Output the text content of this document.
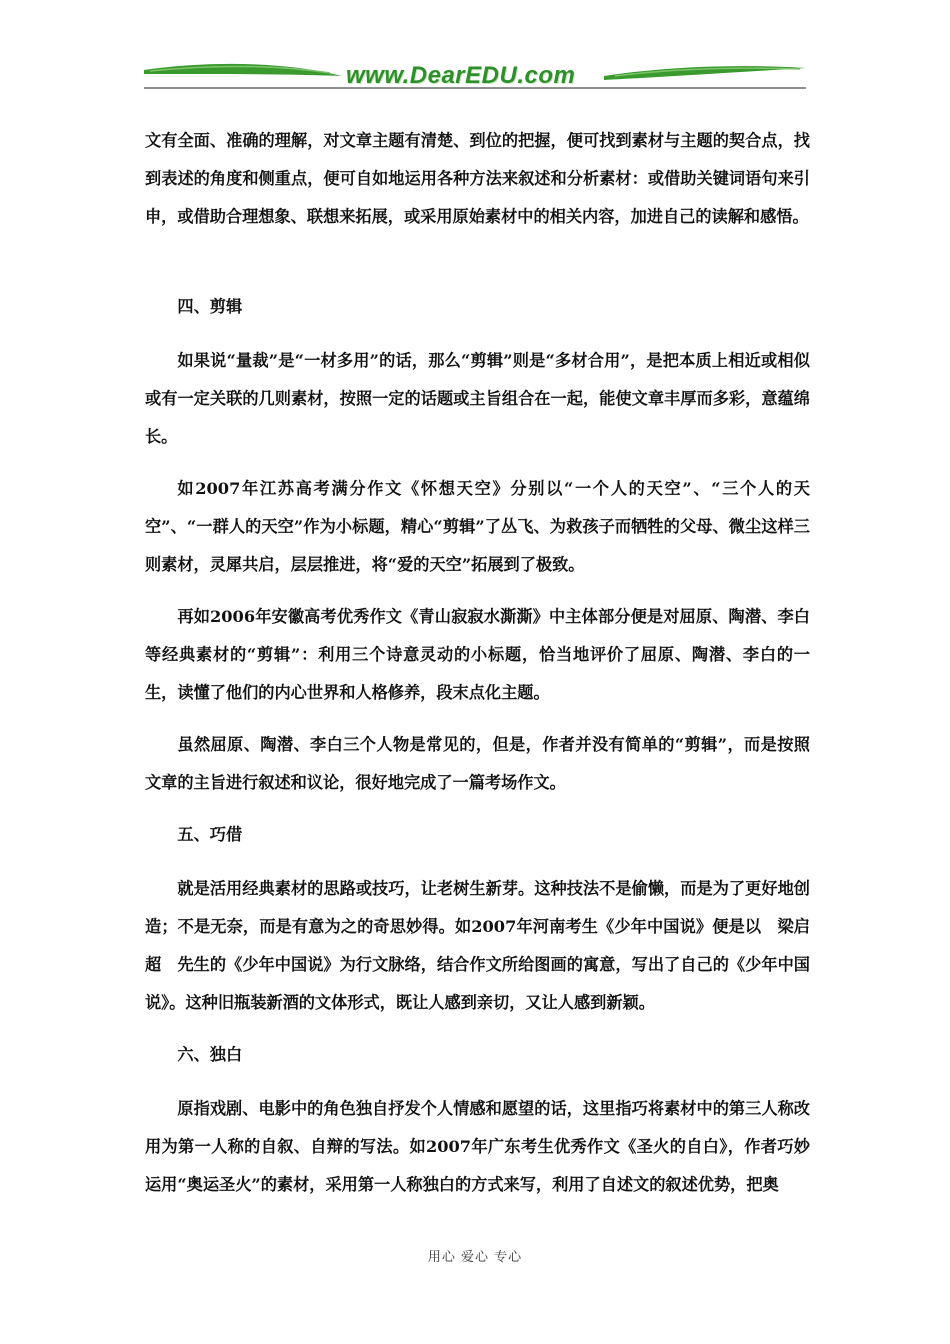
www.DearEDU.com

文有全面、准确的理解，对文章主题有清楚、到位的把握，便可找到素材与主题的契合点，找到表述的角度和侧重点，便可自如地运用各种方法来叙述和分析素材：或借助关键词语句来引申，或借助合理想象、联想来拓展，或采用原始素材中的相关内容，加进自己的读解和感悟。

四、剪辑

如果说“量裁”是“一材多用”的话，那么“剪辑”则是“多材合用”，是把本质上相近或相似或有一定关联的几则素材，按照一定的话题或主旨组合在一起，能使文章丰厚而多彩，意蕴绵长。

如2007年江苏高考满分作文《怀想天空》分别以“一个人的天空”、“三个人的天空”、“一群人的天空”作为小标题，精心“剪辑”了丛飞、为救孩子而牺牲的父母、微尘这样三则素材，灵犀共启，层层推进，将“爱的天空”拓展到了极致。

再如2006年安徽高考优秀作文《青山寂寂水澌澌》中主体部分便是对屈原、陶潜、李白等经典素材的“剪辑”：利用三个诗意灵动的小标题，恰当地评价了屈原、陶潜、李白的一生，读懂了他们的内心世界和人格修养，段末点化主题。

虽然屈原、陶潜、李白三个人物是常见的，但是，作者并没有简单的“剪辑”，而是按照文章的主旨进行叙述和议论，很好地完成了一篇考场作文。

五、巧借

就是活用经典素材的思路或技巧，让老树生新芽。这种技法不是偷懒，而是为了更好地创造；不是无奈，而是有意为之的奇思妙得。如2007年河南考生《少年中国说》便是以　梁启超　先生的《少年中国说》为行文脉络，结合作文所给图画的寓意，写出了自己的《少年中国说》。这种旧瓶装新酒的文体形式，既让人感到亲切，又让人感到新颖。

六、独白

原指戏剧、电影中的角色独自抒发个人情感和愿望的话，这里指巧将素材中的第三人称改用为第一人称的自叙、自辩的写法。如2007年广东考生优秀作文《圣火的自白》，作者巧妙运用“奥运圣火”的素材，采用第一人称独白的方式来写，利用了自述文的叙述优势，把奥

用心 爱心 专心
